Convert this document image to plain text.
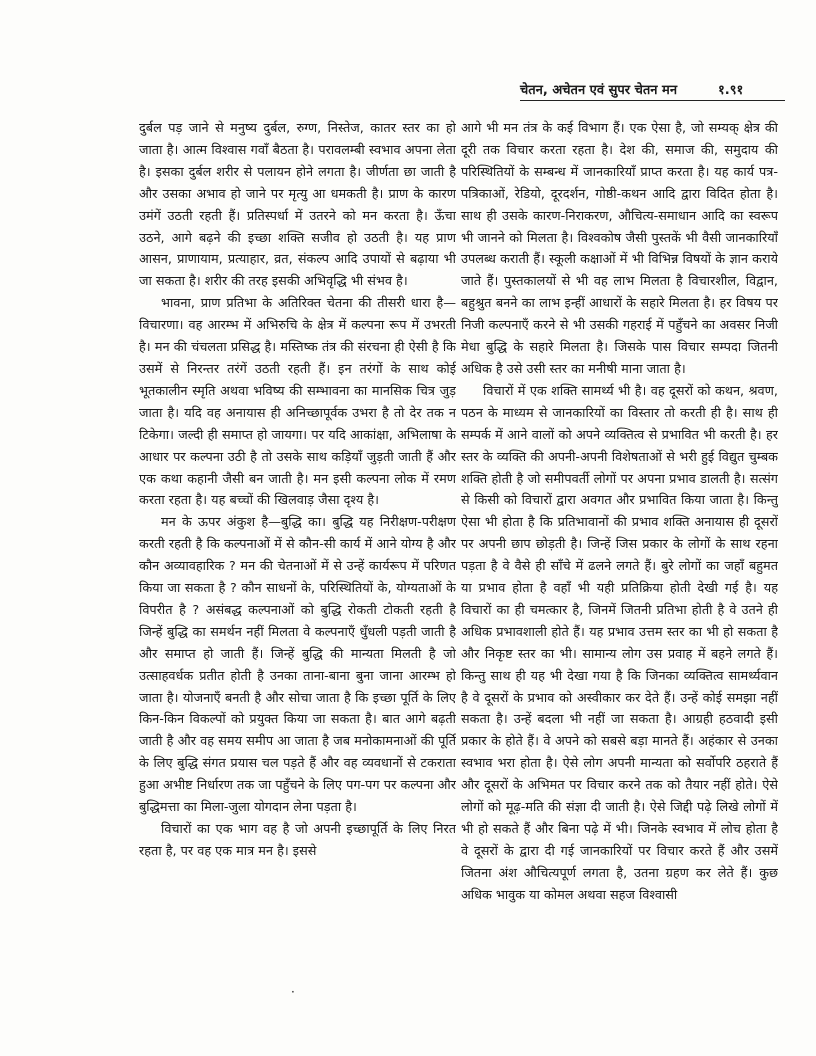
चेतन, अचेतन एवं सुपर चेतन मन	१.९१

दुर्बल पड़ जाने से मनुष्य दुर्बल, रुग्ण, निस्तेज, कातर स्तर का हो जाता है। आत्म विश्वास गवाँ बैठता है। परावलम्बी स्वभाव अपना लेता है। इसका दुर्बल शरीर से पलायन होने लगता है। जीर्णता छा जाती है और उसका अभाव हो जाने पर मृत्यु आ धमकती है। प्राण के कारण उमंगें उठती रहती हैं। प्रतिस्पर्धा में उतरने को मन करता है। ऊँचा उठने, आगे बढ़ने की इच्छा शक्ति सजीव हो उठती है। यह प्राण आसन, प्राणायाम, प्रत्याहार, व्रत, संकल्प आदि उपायों से बढ़ाया भी जा सकता है। शरीर की तरह इसकी अभिवृद्धि भी संभव है।

भावना, प्राण प्रतिभा के अतिरिक्त चेतना की तीसरी धारा है—विचारणा। वह आरम्भ में अभिरुचि के क्षेत्र में कल्पना रूप में उभरती है। मन की चंचलता प्रसिद्ध है। मस्तिष्क तंत्र की संरचना ही ऐसी है कि उसमें से निरन्तर तरंगें उठती रहती हैं। इन तरंगों के साथ कोई भूतकालीन स्मृति अथवा भविष्य की सम्भावना का मानसिक चित्र जुड़ जाता है। यदि वह अनायास ही अनिच्छापूर्वक उभरा है तो देर तक न टिकेगा। जल्दी ही समाप्त हो जायगा। पर यदि आकांक्षा, अभिलाषा के आधार पर कल्पना उठी है तो उसके साथ कड़ियाँ जुड़ती जाती हैं और एक कथा कहानी जैसी बन जाती है। मन इसी कल्पना लोक में रमण करता रहता है। यह बच्चों की खिलवाड़ जैसा दृश्य है।

मन के ऊपर अंकुश है—बुद्धि का। बुद्धि यह निरीक्षण-परीक्षण करती रहती है कि कल्पनाओं में से कौन-सी कार्य में आने योग्य है और कौन अव्यावहारिक ? मन की चेतनाओं में से उन्हें कार्यरूप में परिणत किया जा सकता है ? कौन साधनों के, परिस्थितियों के, योग्यताओं के विपरीत है ? असंबद्ध कल्पनाओं को बुद्धि रोकती टोकती रहती है जिन्हें बुद्धि का समर्थन नहीं मिलता वे कल्पनाएँ धुँधली पड़ती जाती है और समाप्त हो जाती हैं। जिन्हें बुद्धि की मान्यता मिलती है जो उत्साहवर्धक प्रतीत होती है उनका ताना-बाना बुना जाना आरम्भ हो जाता है। योजनाएँ बनती है और सोचा जाता है कि इच्छा पूर्ति के लिए किन-किन विकल्पों को प्रयुक्त किया जा सकता है। बात आगे बढ़ती जाती है और वह समय समीप आ जाता है जब मनोकामनाओं की पूर्ति के लिए बुद्धि संगत प्रयास चल पड़ते हैं और वह व्यवधानों से टकराता हुआ अभीष्ट निर्धारण तक जा पहुँचने के लिए पग-पग पर कल्पना और बुद्धिमत्ता का मिला-जुला योगदान लेना पड़ता है।

विचारों का एक भाग वह है जो अपनी इच्छापूर्ति के लिए निरत रहता है, पर वह एक मात्र मन है। इससे

आगे भी मन तंत्र के कई विभाग हैं। एक ऐसा है, जो सम्यक् क्षेत्र की दूरी तक विचार करता रहता है। देश की, समाज की, समुदाय की परिस्थितियों के सम्बन्ध में जानकारियाँ प्राप्त करता है। यह कार्य पत्र-पत्रिकाओं, रेडियो, दूरदर्शन, गोष्ठी-कथन आदि द्वारा विदित होता है। साथ ही उसके कारण-निराकरण, औचित्य-समाधान आदि का स्वरूप भी जानने को मिलता है। विश्वकोष जैसी पुस्तकें भी वैसी जानकारियाँ उपलब्ध कराती हैं। स्कूली कक्षाओं में भी विभिन्न विषयों के ज्ञान कराये जाते हैं। पुस्तकालयों से भी वह लाभ मिलता है विचारशील, विद्वान, बहुश्रुत बनने का लाभ इन्हीं आधारों के सहारे मिलता है। हर विषय पर निजी कल्पनाएँ करने से भी उसकी गहराई में पहुँचने का अवसर निजी मेधा बुद्धि के सहारे मिलता है। जिसके पास विचार सम्पदा जितनी अधिक है उसे उसी स्तर का मनीषी माना जाता है।

विचारों में एक शक्ति सामर्थ्य भी है। वह दूसरों को कथन, श्रवण, पठन के माध्यम से जानकारियों का विस्तार तो करती ही है। साथ ही सम्पर्क में आने वालों को अपने व्यक्तित्व से प्रभावित भी करती है। हर स्तर के व्यक्ति की अपनी-अपनी विशेषताओं से भरी हुई विद्युत चुम्बक शक्ति होती है जो समीपवर्ती लोगों पर अपना प्रभाव डालती है। सत्संग से किसी को विचारों द्वारा अवगत और प्रभावित किया जाता है। किन्तु ऐसा भी होता है कि प्रतिभावानों की प्रभाव शक्ति अनायास ही दूसरों पर अपनी छाप छोड़ती है। जिन्हें जिस प्रकार के लोगों के साथ रहना पड़ता है वे वैसे ही साँचे में ढलने लगते हैं। बुरे लोगों का जहाँ बहुमत या प्रभाव होता है वहाँ भी यही प्रतिक्रिया होती देखी गई है। यह विचारों का ही चमत्कार है, जिनमें जितनी प्रतिभा होती है वे उतने ही अधिक प्रभावशाली होते हैं। यह प्रभाव उत्तम स्तर का भी हो सकता है और निकृष्ट स्तर का भी। सामान्य लोग उस प्रवाह में बहने लगते हैं। किन्तु साथ ही यह भी देखा गया है कि जिनका व्यक्तित्व सामर्थ्यवान है वे दूसरों के प्रभाव को अस्वीकार कर देते हैं। उन्हें कोई समझा नहीं सकता है। उन्हें बदला भी नहीं जा सकता है। आग्रही हठवादी इसी प्रकार के होते हैं। वे अपने को सबसे बड़ा मानते हैं। अहंकार से उनका स्वभाव भरा होता है। ऐसे लोग अपनी मान्यता को सर्वोपरि ठहराते हैं और दूसरों के अभिमत पर विचार करने तक को तैयार नहीं होते। ऐसे लोगों को मूढ़-मति की संज्ञा दी जाती है। ऐसे जिद्दी पढ़े लिखे लोगों में भी हो सकते हैं और बिना पढ़े में भी। जिनके स्वभाव में लोच होता है वे दूसरों के द्वारा दी गई जानकारियों पर विचार करते हैं और उसमें जितना अंश औचित्यपूर्ण लगता है, उतना ग्रहण कर लेते हैं। कुछ अधिक भावुक या कोमल अथवा सहज विश्वासी

·
